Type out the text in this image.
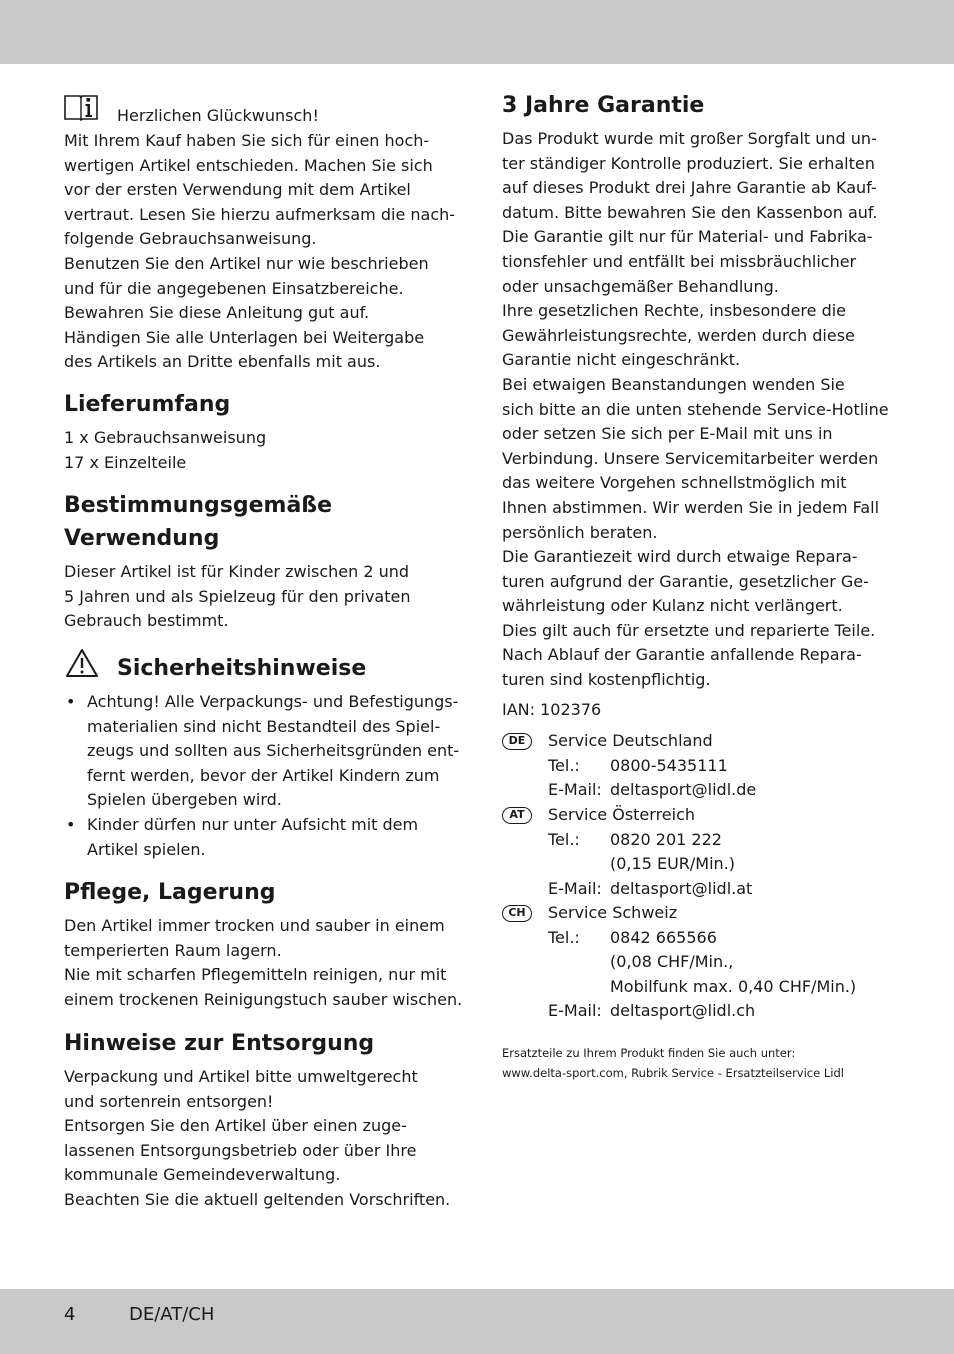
Herzlichen Glückwunsch!
Mit Ihrem Kauf haben Sie sich für einen hoch-
wertigen Artikel entschieden. Machen Sie sich
vor der ersten Verwendung mit dem Artikel
vertraut. Lesen Sie hierzu aufmerksam die nach-
folgende Gebrauchsanweisung.
Benutzen Sie den Artikel nur wie beschrieben
und für die angegebenen Einsatzbereiche.
Bewahren Sie diese Anleitung gut auf.
Händigen Sie alle Unterlagen bei Weitergabe
des Artikels an Dritte ebenfalls mit aus.
Lieferumfang
1 x Gebrauchsanweisung
17 x Einzelteile
Bestimmungsgemäße
Verwendung
Dieser Artikel ist für Kinder zwischen 2 und
5 Jahren und als Spielzeug für den privaten
Gebrauch bestimmt.
Sicherheitshinweise
• Achtung! Alle Verpackungs- und Befestigungs-
materialien sind nicht Bestandteil des Spiel-
zeugs und sollten aus Sicherheitsgründen ent-
fernt werden, bevor der Artikel Kindern zum
Spielen übergeben wird.
• Kinder dürfen nur unter Aufsicht mit dem
Artikel spielen.
Pflege, Lagerung
Den Artikel immer trocken und sauber in einem
temperierten Raum lagern.
Nie mit scharfen Pflegemitteln reinigen, nur mit
einem trockenen Reinigungstuch sauber wischen.
Hinweise zur Entsorgung
Verpackung und Artikel bitte umweltgerecht
und sortenrein entsorgen!
Entsorgen Sie den Artikel über einen zuge-
lassenen Entsorgungsbetrieb oder über Ihre
kommunale Gemeindeverwaltung.
Beachten Sie die aktuell geltenden Vorschriften.
3 Jahre Garantie
Das Produkt wurde mit großer Sorgfalt und un-
ter ständiger Kontrolle produziert. Sie erhalten
auf dieses Produkt drei Jahre Garantie ab Kauf-
datum. Bitte bewahren Sie den Kassenbon auf.
Die Garantie gilt nur für Material- und Fabrika-
tionsfehler und entfällt bei missbräuchlicher
oder unsachgemäßer Behandlung.
Ihre gesetzlichen Rechte, insbesondere die
Gewährleistungsrechte, werden durch diese
Garantie nicht eingeschränkt.
Bei etwaigen Beanstandungen wenden Sie
sich bitte an die unten stehende Service-Hotline
oder setzen Sie sich per E-Mail mit uns in
Verbindung. Unsere Servicemitarbeiter werden
das weitere Vorgehen schnellstmöglich mit
Ihnen abstimmen. Wir werden Sie in jedem Fall
persönlich beraten.
Die Garantiezeit wird durch etwaige Repara-
turen aufgrund der Garantie, gesetzlicher Ge-
währleistung oder Kulanz nicht verlängert.
Dies gilt auch für ersetzte und reparierte Teile.
Nach Ablauf der Garantie anfallende Repara-
turen sind kostenpflichtig.
IAN: 102376
DE	Service Deutschland
Tel.: 0800-5435111
E-Mail: deltasport@lidl.de
AT	Service Österreich
Tel.: 0820 201 222
(0,15 EUR/Min.)
E-Mail: deltasport@lidl.at
CH	Service Schweiz
Tel.: 0842 665566
(0,08 CHF/Min.,
Mobilfunk max. 0,40 CHF/Min.)
E-Mail: deltasport@lidl.ch
Ersatzteile zu Ihrem Produkt finden Sie auch unter:
www.delta-sport.com, Rubrik Service - Ersatzteilservice Lidl
4	DE/AT/CH
